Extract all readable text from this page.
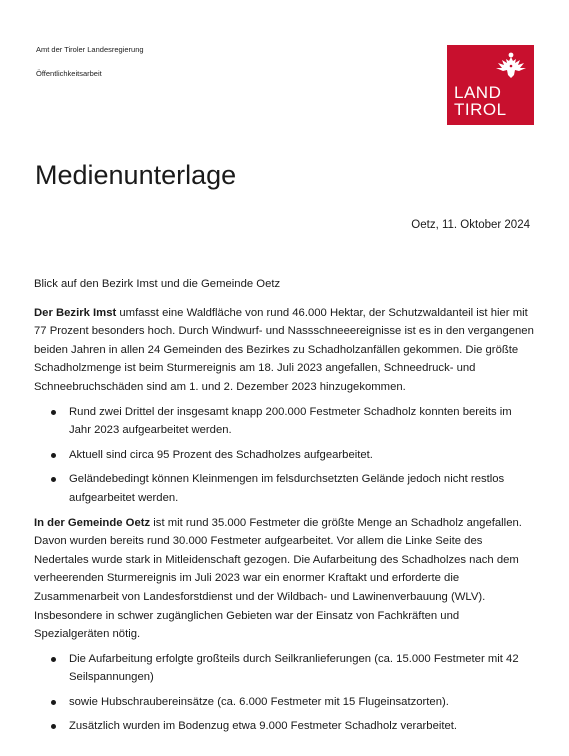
Amt der Tiroler Landesregierung
Öffentlichkeitsarbeit
LAND
TIROL
Medienunterlage
Oetz, 11. Oktober 2024

Blick auf den Bezirk Imst und die Gemeinde Oetz

Der Bezirk Imst umfasst eine Waldfläche von rund 46.000 Hektar, der Schutzwaldanteil ist hier mit 77 Prozent besonders hoch. Durch Windwurf- und Nassschneeereignisse ist es in den vergangenen beiden Jahren in allen 24 Gemeinden des Bezirkes zu Schadholzanfällen gekommen. Die größte Schadholzmenge ist beim Sturmereignis am 18. Juli 2023 angefallen, Schneedruck- und Schneebruchschäden sind am 1. und 2. Dezember 2023 hinzugekommen.

Rund zwei Drittel der insgesamt knapp 200.000 Festmeter Schadholz konnten bereits im Jahr 2023 aufgearbeitet werden.
Aktuell sind circa 95 Prozent des Schadholzes aufgearbeitet.
Geländebedingt können Kleinmengen im felsdurchsetzten Gelände jedoch nicht restlos aufgearbeitet werden.

In der Gemeinde Oetz ist mit rund 35.000 Festmeter die größte Menge an Schadholz angefallen. Davon wurden bereits rund 30.000 Festmeter aufgearbeitet. Vor allem die Linke Seite des Nedertales wurde stark in Mitleidenschaft gezogen. Die Aufarbeitung des Schadholzes nach dem verheerenden Sturmereignis im Juli 2023 war ein enormer Kraftakt und erforderte die Zusammenarbeit von Landesforstdienst und der Wildbach- und Lawinenverbauung (WLV). Insbesondere in schwer zugänglichen Gebieten war der Einsatz von Fachkräften und Spezialgeräten nötig.

Die Aufarbeitung erfolgte großteils durch Seilkranlieferungen (ca. 15.000 Festmeter mit 42 Seilspannungen)
sowie Hubschraubereinsätze (ca. 6.000 Festmeter mit 15 Flugeinsatzorten).
Zusätzlich wurden im Bodenzug etwa 9.000 Festmeter Schadholz verarbeitet.
